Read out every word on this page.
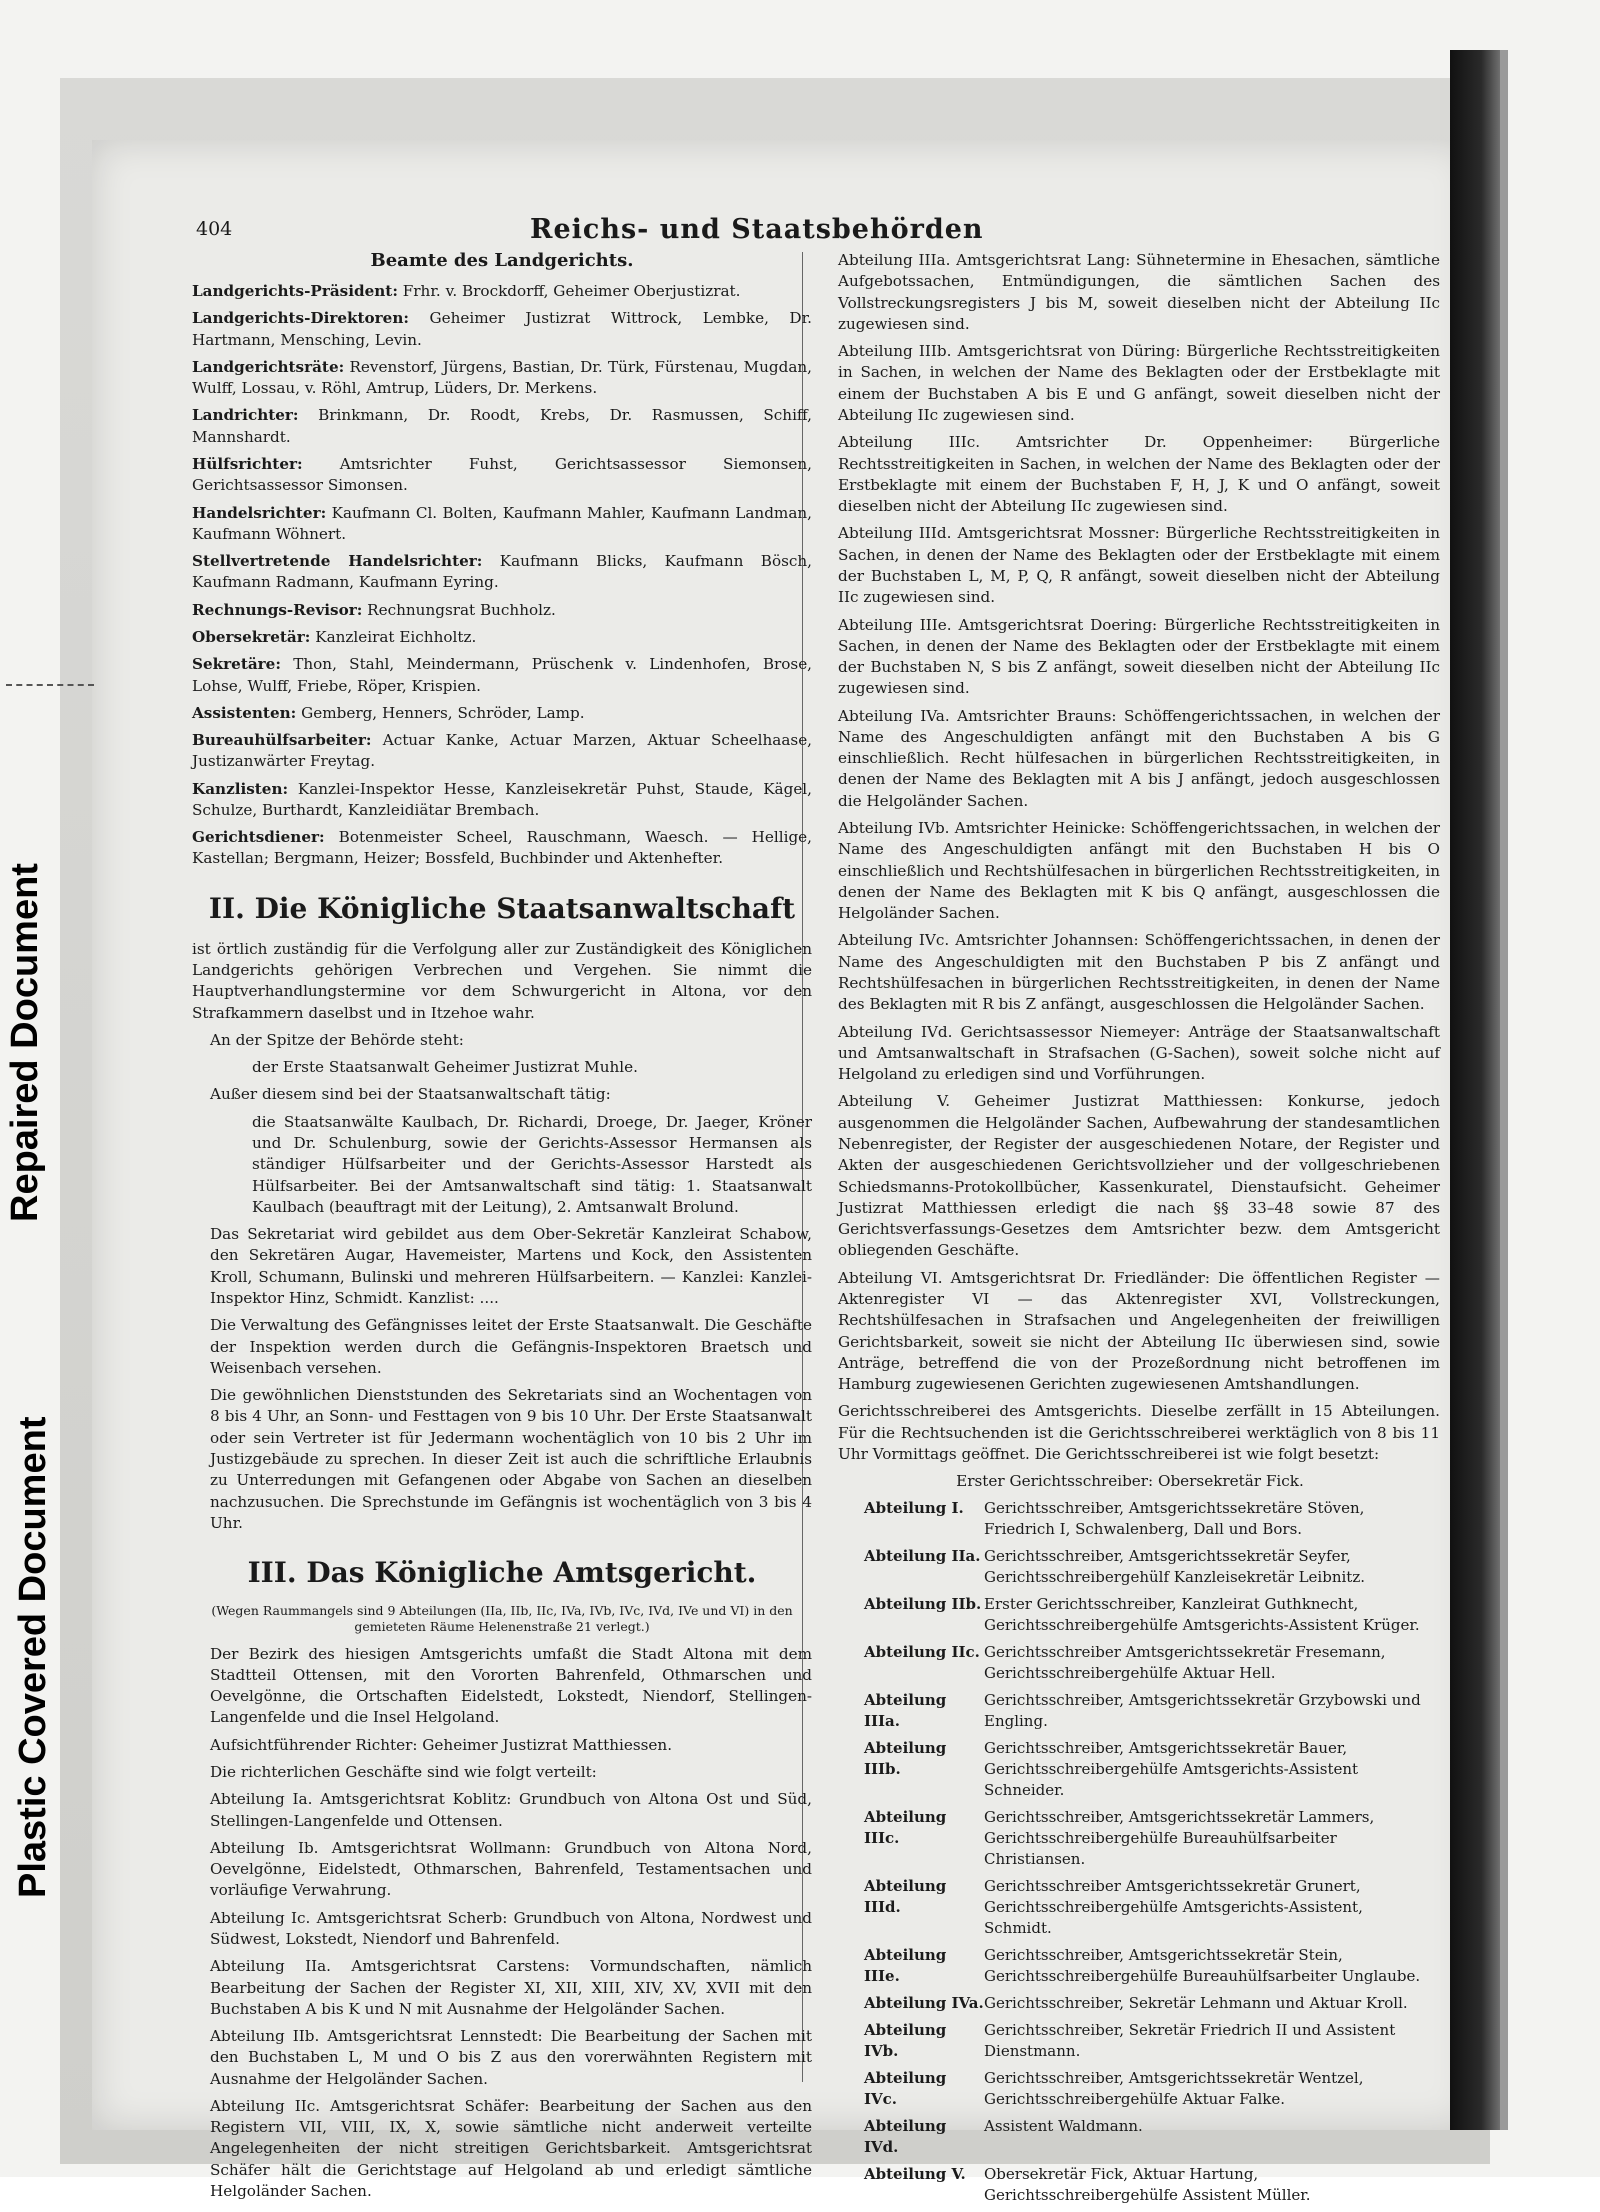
Repaired Document
Plastic Covered Document
404	Reichs- und Staatsbehörden
Beamte des Landgerichts.
Landgerichts-Präsident: Frhr. v. Brockdorff, Geheimer Oberjustizrat.
Landgerichts-Direktoren: Geheimer Justizrat Wittrock, Lembke, Dr. Hartmann, Mensching, Levin.
Landgerichtsräte: Revenstorf, Jürgens, Bastian, Dr. Türk, Fürstenau, Mugdan, Wulff, Lossau, v. Röhl, Amtrup, Lüders, Dr. Merkens.
Landrichter: Brinkmann, Dr. Roodt, Krebs, Dr. Rasmussen, Schiff, Mannshardt.
Hülfsrichter: Amtsrichter Fuhst, Gerichtsassessor Siemonsen, Gerichtsassessor Simonsen.
Handelsrichter: Kaufmann Cl. Bolten, Kaufmann Mahler, Kaufmann Landman, Kaufmann Wöhnert.
Stellvertretende Handelsrichter: Kaufmann Blicks, Kaufmann Bösch, Kaufmann Radmann, Kaufmann Eyring.
Rechnungs-Revisor: Rechnungsrat Buchholz.
Obersekretär: Kanzleirat Eichholtz.
Sekretäre: Thon, Stahl, Meindermann, Prüschenk v. Lindenhofen, Brose, Lohse, Wulff, Friebe, Röper, Krispien.
Assistenten: Gemberg, Henners, Schröder, Lamp.
Bureauhülfsarbeiter: Actuar Kanke, Actuar Marzen, Aktuar Scheelhaase, Justizanwärter Freytag.
Kanzlisten: Kanzlei-Inspektor Hesse, Kanzleisekretär Puhst, Staude, Kägel, Schulze, Burthardt, Kanzleidiätar Brembach.
Gerichtsdiener: Botenmeister Scheel, Rauschmann, Waesch. — Hellige, Kastellan; Bergmann, Heizer; Bossfeld, Buchbinder und Aktenhefter.
II. Die Königliche Staatsanwaltschaft
ist örtlich zuständig für die Verfolgung aller zur Zuständigkeit des Königlichen Landgerichts gehörigen Verbrechen und Vergehen. Sie nimmt die Hauptverhandlungstermine vor dem Schwurgericht in Altona, vor den Strafkammern daselbst und in Itzehoe wahr.
An der Spitze der Behörde steht:
der Erste Staatsanwalt Geheimer Justizrat Muhle.
Außer diesem sind bei der Staatsanwaltschaft tätig:
die Staatsanwälte Kaulbach, Dr. Richardi, Droege, Dr. Jaeger, Kröner und Dr. Schulenburg, sowie der Gerichts-Assessor Hermansen als ständiger Hülfsarbeiter und der Gerichts-Assessor Harstedt als Hülfsarbeiter. Bei der Amtsanwaltschaft sind tätig: 1. Staatsanwalt Kaulbach (beauftragt mit der Leitung), 2. Amtsanwalt Brolund.
Das Sekretariat wird gebildet aus dem Ober-Sekretär Kanzleirat Schabow, den Sekretären Augar, Havemeister, Martens und Kock, den Assistenten Kroll, Schumann, Bulinski und mehreren Hülfsarbeitern. — Kanzlei: Kanzlei-Inspektor Hinz, Schmidt. Kanzlist: ....
Die Verwaltung des Gefängnisses leitet der Erste Staatsanwalt. Die Geschäfte der Inspektion werden durch die Gefängnis-Inspektoren Braetsch und Weisenbach versehen.
Die gewöhnlichen Dienststunden des Sekretariats sind an Wochentagen von 8 bis 4 Uhr, an Sonn- und Festtagen von 9 bis 10 Uhr. Der Erste Staatsanwalt oder sein Vertreter ist für Jedermann wochentäglich von 10 bis 2 Uhr im Justizgebäude zu sprechen. In dieser Zeit ist auch die schriftliche Erlaubnis zu Unterredungen mit Gefangenen oder Abgabe von Sachen an dieselben nachzusuchen. Die Sprechstunde im Gefängnis ist wochentäglich von 3 bis 4 Uhr.
III. Das Königliche Amtsgericht.
(Wegen Raummangels sind 9 Abteilungen (IIa, IIb, IIc, IVa, IVb, IVc, IVd, IVe und VI) in den gemieteten Räume Helenenstraße 21 verlegt.)
Der Bezirk des hiesigen Amtsgerichts umfaßt die Stadt Altona mit dem Stadtteil Ottensen, mit den Vororten Bahrenfeld, Othmarschen und Oevelgönne, die Ortschaften Eidelstedt, Lokstedt, Niendorf, Stellingen-Langenfelde und die Insel Helgoland.
Aufsichtführender Richter: Geheimer Justizrat Matthiessen.
Die richterlichen Geschäfte sind wie folgt verteilt:
Abteilung Ia. Amtsgerichtsrat Koblitz: Grundbuch von Altona Ost und Süd, Stellingen-Langenfelde und Ottensen.
Abteilung Ib. Amtsgerichtsrat Wollmann: Grundbuch von Altona Nord, Oevelgönne, Eidelstedt, Othmarschen, Bahrenfeld, Testamentsachen und vorläufige Verwahrung.
Abteilung Ic. Amtsgerichtsrat Scherb: Grundbuch von Altona, Nordwest und Südwest, Lokstedt, Niendorf und Bahrenfeld.
Abteilung IIa. Amtsgerichtsrat Carstens: Vormundschaften, nämlich Bearbeitung der Sachen der Register XI, XII, XIII, XIV, XV, XVII mit den Buchstaben A bis K und N mit Ausnahme der Helgoländer Sachen.
Abteilung IIb. Amtsgerichtsrat Lennstedt: Die Bearbeitung der Sachen mit den Buchstaben L, M und O bis Z aus den vorerwähnten Registern mit Ausnahme der Helgoländer Sachen.
Abteilung IIc. Amtsgerichtsrat Schäfer: Bearbeitung der Sachen aus den Registern VII, VIII, IX, X, sowie sämtliche nicht anderweit verteilte Angelegenheiten der nicht streitigen Gerichtsbarkeit. Amtsgerichtsrat Schäfer hält die Gerichtstage auf Helgoland ab und erledigt sämtliche Helgoländer Sachen.
Abteilung IIIa. Amtsgerichtsrat Lang: Sühnetermine in Ehesachen, sämtliche Aufgebotssachen, Entmündigungen, die sämtlichen Sachen des Vollstreckungsregisters J bis M, soweit dieselben nicht der Abteilung IIc zugewiesen sind.
Abteilung IIIb. Amtsgerichtsrat von Düring: Bürgerliche Rechtsstreitigkeiten in Sachen, in welchen der Name des Beklagten oder der Erstbeklagte mit einem der Buchstaben A bis E und G anfängt, soweit dieselben nicht der Abteilung IIc zugewiesen sind.
Abteilung IIIc. Amtsrichter Dr. Oppenheimer: Bürgerliche Rechtsstreitigkeiten in Sachen, in welchen der Name des Beklagten oder der Erstbeklagte mit einem der Buchstaben F, H, J, K und O anfängt, soweit dieselben nicht der Abteilung IIc zugewiesen sind.
Abteilung IIId. Amtsgerichtsrat Mossner: Bürgerliche Rechtsstreitigkeiten in Sachen, in denen der Name des Beklagten oder der Erstbeklagte mit einem der Buchstaben L, M, P, Q, R anfängt, soweit dieselben nicht der Abteilung IIc zugewiesen sind.
Abteilung IIIe. Amtsgerichtsrat Doering: Bürgerliche Rechtsstreitigkeiten in Sachen, in denen der Name des Beklagten oder der Erstbeklagte mit einem der Buchstaben N, S bis Z anfängt, soweit dieselben nicht der Abteilung IIc zugewiesen sind.
Abteilung IVa. Amtsrichter Brauns: Schöffengerichtssachen, in welchen der Name des Angeschuldigten anfängt mit den Buchstaben A bis G einschließlich. Recht hülfesachen in bürgerlichen Rechtsstreitigkeiten, in denen der Name des Beklagten mit A bis J anfängt, jedoch ausgeschlossen die Helgoländer Sachen.
Abteilung IVb. Amtsrichter Heinicke: Schöffengerichtssachen, in welchen der Name des Angeschuldigten anfängt mit den Buchstaben H bis O einschließlich und Rechtshülfesachen in bürgerlichen Rechtsstreitigkeiten, in denen der Name des Beklagten mit K bis Q anfängt, ausgeschlossen die Helgoländer Sachen.
Abteilung IVc. Amtsrichter Johannsen: Schöffengerichtssachen, in denen der Name des Angeschuldigten mit den Buchstaben P bis Z anfängt und Rechtshülfesachen in bürgerlichen Rechtsstreitigkeiten, in denen der Name des Beklagten mit R bis Z anfängt, ausgeschlossen die Helgoländer Sachen.
Abteilung IVd. Gerichtsassessor Niemeyer: Anträge der Staatsanwaltschaft und Amtsanwaltschaft in Strafsachen (G-Sachen), soweit solche nicht auf Helgoland zu erledigen sind und Vorführungen.
Abteilung V. Geheimer Justizrat Matthiessen: Konkurse, jedoch ausgenommen die Helgoländer Sachen, Aufbewahrung der standesamtlichen Nebenregister, der Register der ausgeschiedenen Notare, der Register und Akten der ausgeschiedenen Gerichtsvollzieher und der vollgeschriebenen Schiedsmanns-Protokollbücher, Kassenkuratel, Dienstaufsicht. Geheimer Justizrat Matthiessen erledigt die nach §§ 33–48 sowie 87 des Gerichtsverfassungs-Gesetzes dem Amtsrichter bezw. dem Amtsgericht obliegenden Geschäfte.
Abteilung VI. Amtsgerichtsrat Dr. Friedländer: Die öffentlichen Register — Aktenregister VI — das Aktenregister XVI, Vollstreckungen, Rechtshülfesachen in Strafsachen und Angelegenheiten der freiwilligen Gerichtsbarkeit, soweit sie nicht der Abteilung IIc überwiesen sind, sowie Anträge, betreffend die von der Prozeßordnung nicht betroffenen im Hamburg zugewiesenen Gerichten zugewiesenen Amtshandlungen.
Gerichtsschreiberei des Amtsgerichts. Dieselbe zerfällt in 15 Abteilungen. Für die Rechtsuchenden ist die Gerichtsschreiberei werktäglich von 8 bis 11 Uhr Vormittags geöffnet. Die Gerichtsschreiberei ist wie folgt besetzt:
Erster Gerichtsschreiber: Obersekretär Fick.
Abteilung I.	Gerichtsschreiber, Amtsgerichtssekretäre Stöven, Friedrich I, Schwalenberg, Dall und Bors.
Abteilung IIa. Gerichtsschreiber, Amtsgerichtssekretär Seyfer, Gerichtsschreibergehülf Kanzleisekretär Leibnitz.
Abteilung IIb. Erster Gerichtsschreiber, Kanzleirat Guthknecht, Gerichtsschreibergehülfe Amtsgerichts-Assistent Krüger.
Abteilung IIc. Gerichtsschreiber Amtsgerichtssekretär Fresemann, Gerichtsschreibergehülfe Aktuar Hell.
Abteilung IIIa.
Gerichtsschreiber, Amtsgerichtssekretär Grzybowski und Engling.
Abteilung IIIb.
Gerichtsschreiber, Amtsgerichtssekretär Bauer, Gerichtsschreibergehülfe Amtsgerichts-Assistent Schneider.
Abteilung IIIc.
Gerichtsschreiber, Amtsgerichtssekretär Lammers, Gerichtsschreibergehülfe Bureauhülfsarbeiter Christiansen.
Abteilung IIId.
Gerichtsschreiber Amtsgerichtssekretär Grunert, Gerichtsschreibergehülfe Amtsgerichts-Assistent, Schmidt.
Abteilung IIIe.
Gerichtsschreiber, Amtsgerichtssekretär Stein, Gerichtsschreibergehülfe Bureauhülfsarbeiter Unglaube.
Abteilung IVa. Gerichtsschreiber, Sekretär Lehmann und Aktuar Kroll.
Abteilung IVb.
Gerichtsschreiber, Sekretär Friedrich II und Assistent Dienstmann.
Abteilung IVc.
Gerichtsschreiber, Amtsgerichtssekretär Wentzel, Gerichtsschreibergehülfe Aktuar Falke.
Abteilung IVd.
Assistent Waldmann.
Abteilung V.	Obersekretär Fick, Aktuar Hartung, Gerichtsschreibergehülfe Assistent Müller.
